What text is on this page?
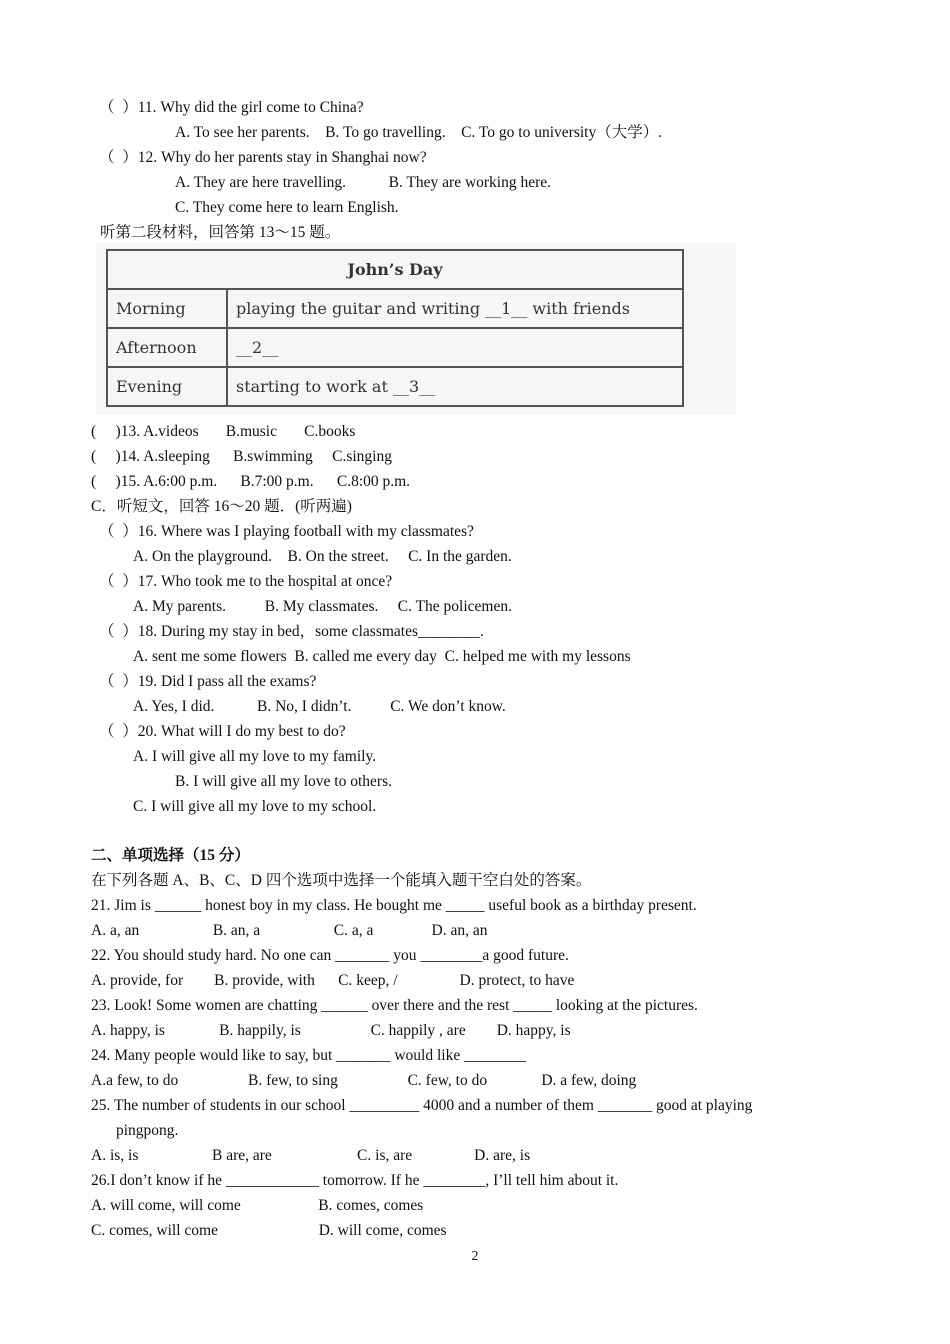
（  ）11. Why did the girl come to China?
A. To see her parents.    B. To go travelling.    C. To go to university（大学）.
（  ）12. Why do her parents stay in Shanghai now?
A. They are here travelling.           B. They are working here.
C. They come here to learn English.
听第二段材料，回答第 13～15 题。
John’s Day	
Morning	playing the guitar and writing __1__ with friends
Afternoon	__2__
Evening	starting to work at __3__
(     )13. A.videos       B.music       C.books
(     )14. A.sleeping      B.swimming     C.singing
(     )15. A.6:00 p.m.      B.7:00 p.m.      C.8:00 p.m.
C．听短文，回答 16～20 题．(听两遍)
（  ）16. Where was I playing football with my classmates?
A. On the playground.    B. On the street.     C. In the garden.
（  ）17. Who took me to the hospital at once?
A. My parents.          B. My classmates.     C. The policemen.
（  ）18. During my stay in bed，some classmates________.
A. sent me some flowers  B. called me every day  C. helped me with my lessons
（  ）19. Did I pass all the exams?
A. Yes, I did.           B. No, I didn’t.          C. We don’t know.
（  ）20. What will I do my best to do?
A. I will give all my love to my family.
B. I will give all my love to others.
C. I will give all my love to my school.
二、单项选择（15 分）
在下列各题 A、B、C、D 四个选项中选择一个能填入题干空白处的答案。
21. Jim is ______ honest boy in my class. He bought me _____ useful book as a birthday present.
A. a, an                   B. an, a                   C. a, a               D. an, an
22. You should study hard. No one can _______ you ________a good future.
A. provide, for        B. provide, with      C. keep, /                D. protect, to have
23. Look! Some women are chatting ______ over there and the rest _____ looking at the pictures.
A. happy, is              B. happily, is                  C. happily , are        D. happy, is
24. Many people would like to say, but _______ would like ________
A.a few, to do                  B. few, to sing                  C. few, to do              D. a few, doing
25. The number of students in our school _________ 4000 and a number of them _______ good at playing
pingpong.
A. is, is                   B are, are                      C. is, are                D. are, is
26.I don’t know if he ____________ tomorrow. If he ________, I’ll tell him about it.
A. will come, will come                    B. comes, comes
C. comes, will come                          D. will come, comes
2
